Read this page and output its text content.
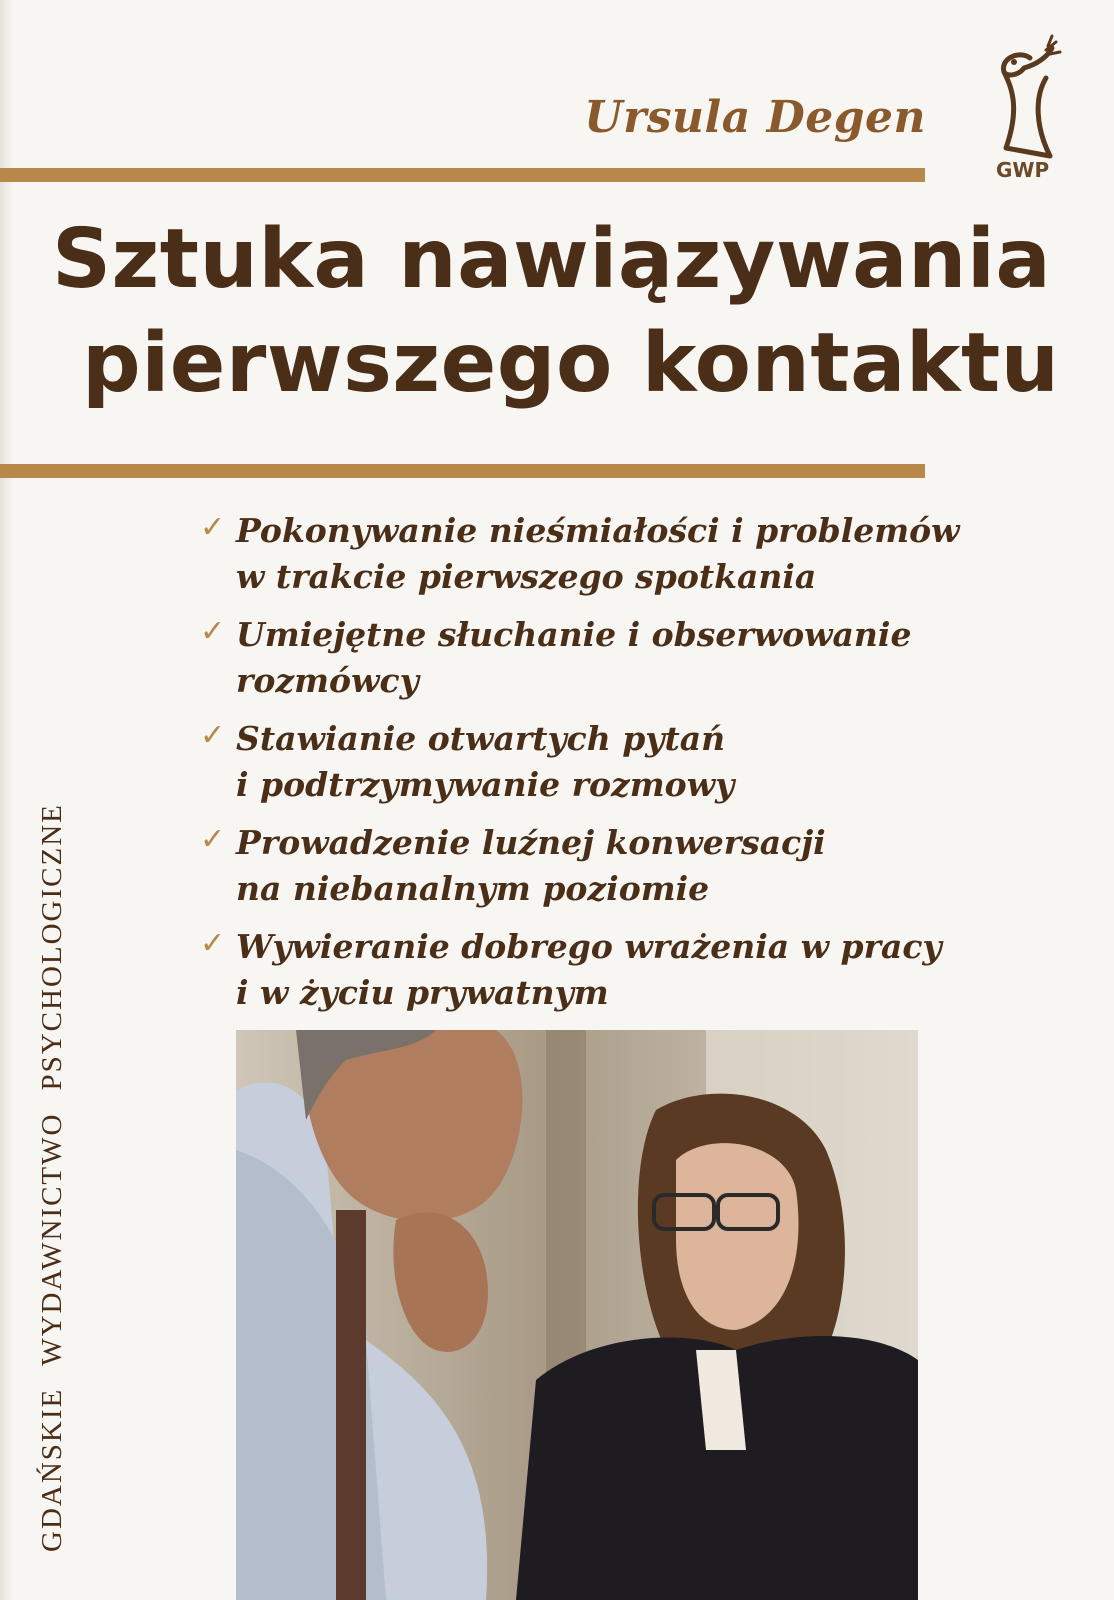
Ursula Degen
GWP
Sztuka nawiązywania
pierwszego kontaktu
✓ Pokonywanie nieśmiałości i problemów
w trakcie pierwszego spotkania
✓ Umiejętne słuchanie i obserwowanie rozmówcy
✓ Stawianie otwartych pytań
i podtrzymywanie rozmowy
✓ Prowadzenie luźnej konwersacji
na niebanalnym poziomie
✓ Wywieranie dobrego wrażenia w pracy
i w życiu prywatnym
GDAŃSKIEWYDAWNICTWOPSYCHOLOGICZNE
